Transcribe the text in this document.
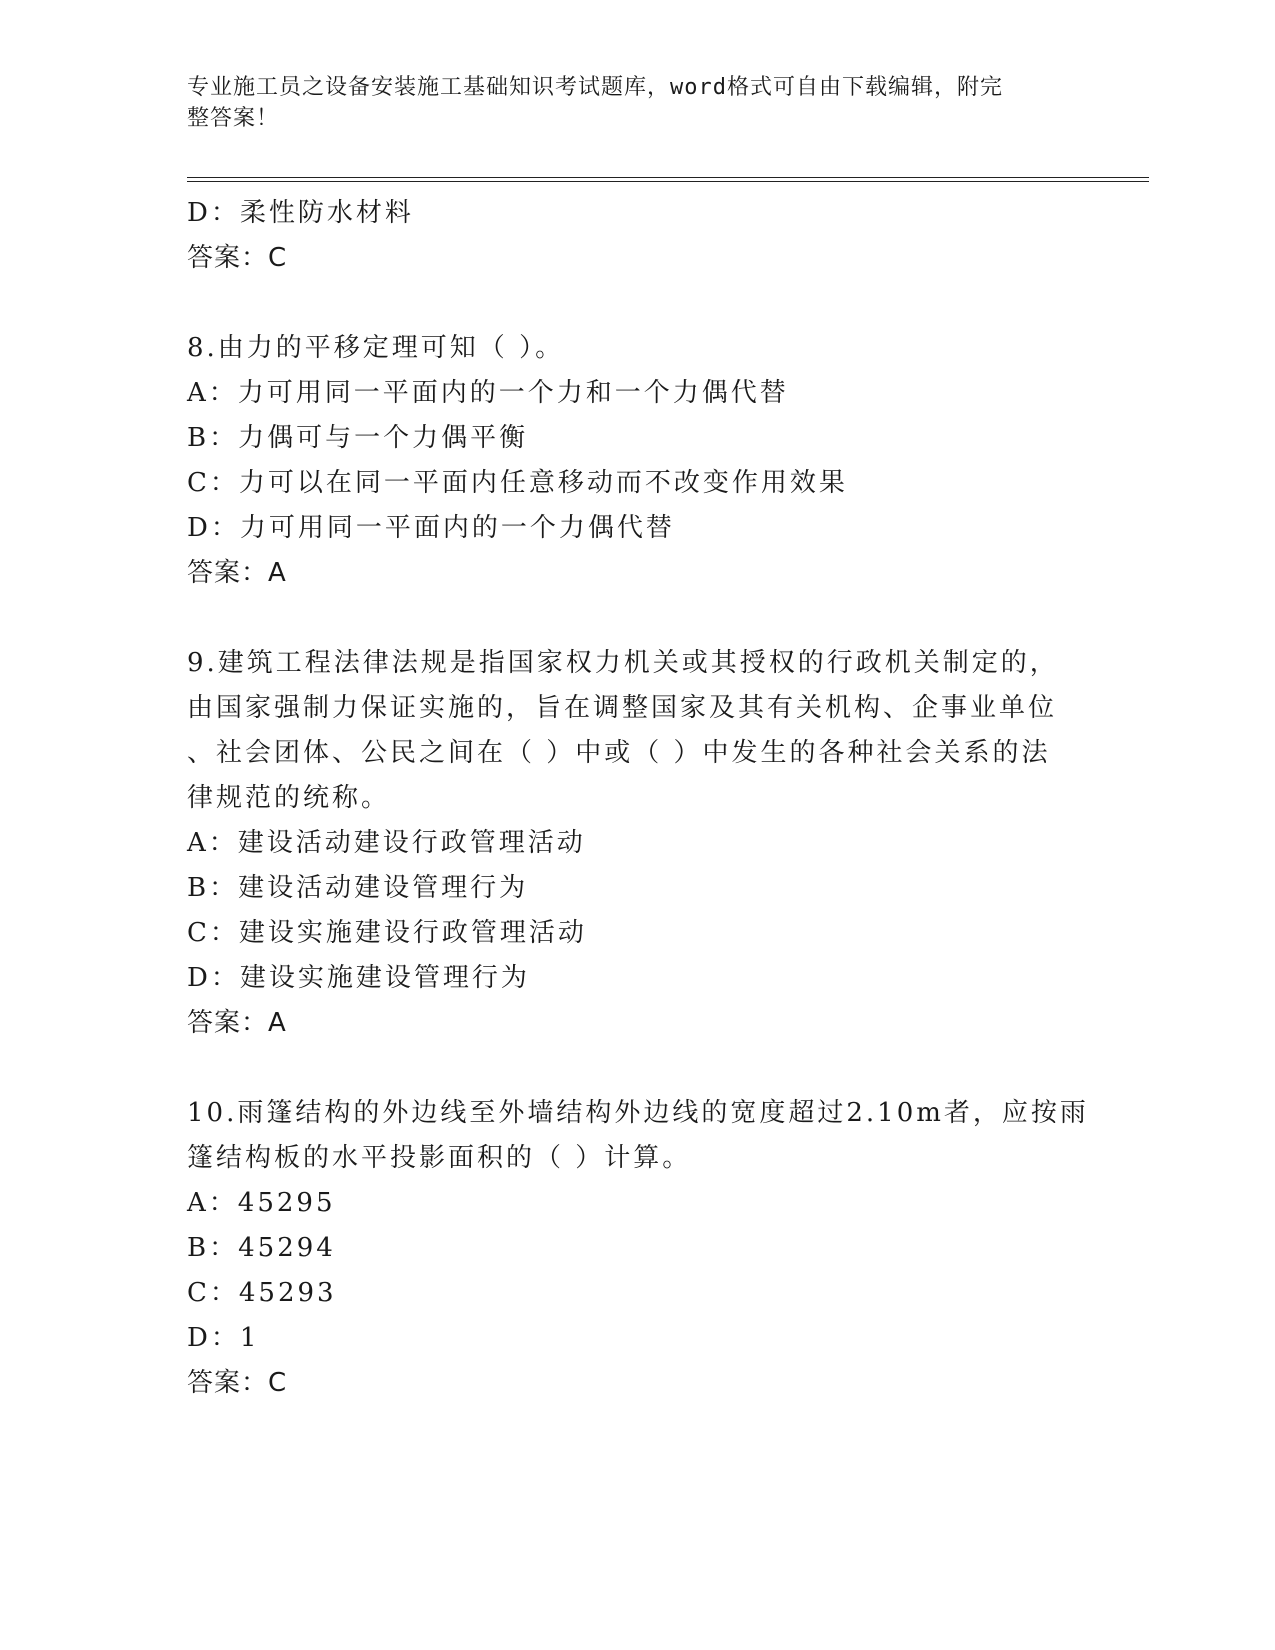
专业施工员之设备安装施工基础知识考试题库，word格式可自由下载编辑，附完
整答案！
D：柔性防水材料
答案：C
8.由力的平移定理可知（ ）。
A：力可用同一平面内的一个力和一个力偶代替
B：力偶可与一个力偶平衡
C：力可以在同一平面内任意移动而不改变作用效果
D：力可用同一平面内的一个力偶代替
答案：A
9.建筑工程法律法规是指国家权力机关或其授权的行政机关制定的，
由国家强制力保证实施的，旨在调整国家及其有关机构、企事业单位
、社会团体、公民之间在（ ）中或（ ）中发生的各种社会关系的法
律规范的统称。
A：建设活动建设行政管理活动
B：建设活动建设管理行为
C：建设实施建设行政管理活动
D：建设实施建设管理行为
答案：A
10.雨篷结构的外边线至外墙结构外边线的宽度超过2.10m者，应按雨
篷结构板的水平投影面积的（ ）计算。
A：45295
B：45294
C：45293
D：1
答案：C
